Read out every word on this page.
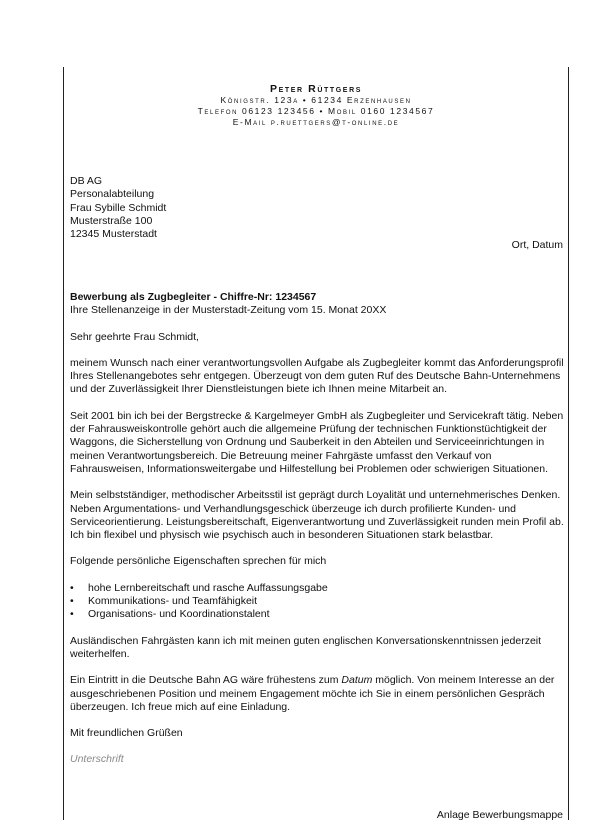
Peter Rüttgers
Königstr. 123a • 61234 Erzenhausen
Telefon 06123 123456 • Mobil 0160 1234567
E-Mail p.ruettgers@t-online.de
DB AG
Personalabteilung
Frau Sybille Schmidt
Musterstraße 100
12345 Musterstadt
Ort, Datum

Bewerbung als Zugbegleiter - Chiffre-Nr: 1234567

Ihre Stellenanzeige in der Musterstadt-Zeitung vom 15. Monat 20XX

Sehr geehrte Frau Schmidt,

meinem Wunsch nach einer verantwortungsvollen Aufgabe als Zugbegleiter kommt das Anforderungsprofil Ihres Stellenangebotes sehr entgegen. Überzeugt von dem guten Ruf des Deutsche Bahn-Unternehmens und der Zuverlässigkeit Ihrer Dienstleistungen biete ich Ihnen meine Mitarbeit an.

Seit 2001 bin ich bei der Bergstrecke & Kargelmeyer GmbH als Zugbegleiter und Servicekraft tätig. Neben der Fahrausweiskontrolle gehört auch die allgemeine Prüfung der technischen Funktionstüchtigkeit der Waggons, die Sicherstellung von Ordnung und Sauberkeit in den Abteilen und Serviceeinrichtungen in meinen Verantwortungsbereich. Die Betreuung meiner Fahrgäste umfasst den Verkauf von Fahrausweisen, Informationsweitergabe und Hilfestellung bei Problemen oder schwierigen Situationen.

Mein selbstständiger, methodischer Arbeitsstil ist geprägt durch Loyalität und unternehmerisches Denken. Neben Argumentations- und Verhandlungsgeschick überzeuge ich durch profilierte Kunden- und Serviceorientierung. Leistungsbereitschaft, Eigenverantwortung und Zuverlässigkeit runden mein Profil ab. Ich bin flexibel und physisch wie psychisch auch in besonderen Situationen stark belastbar.

Folgende persönliche Eigenschaften sprechen für mich

• hohe Lernbereitschaft und rasche Auffassungsgabe
• Kommunikations- und Teamfähigkeit
• Organisations- und Koordinationstalent

Ausländischen Fahrgästen kann ich mit meinen guten englischen Konversationskenntnissen jederzeit weiterhelfen.

Ein Eintritt in die Deutsche Bahn AG wäre frühestens zum Datum möglich. Von meinem Interesse an der ausgeschriebenen Position und meinem Engagement möchte ich Sie in einem persönlichen Gespräch überzeugen. Ich freue mich auf eine Einladung.

Mit freundlichen Grüßen

Unterschrift

Anlage Bewerbungsmappe
